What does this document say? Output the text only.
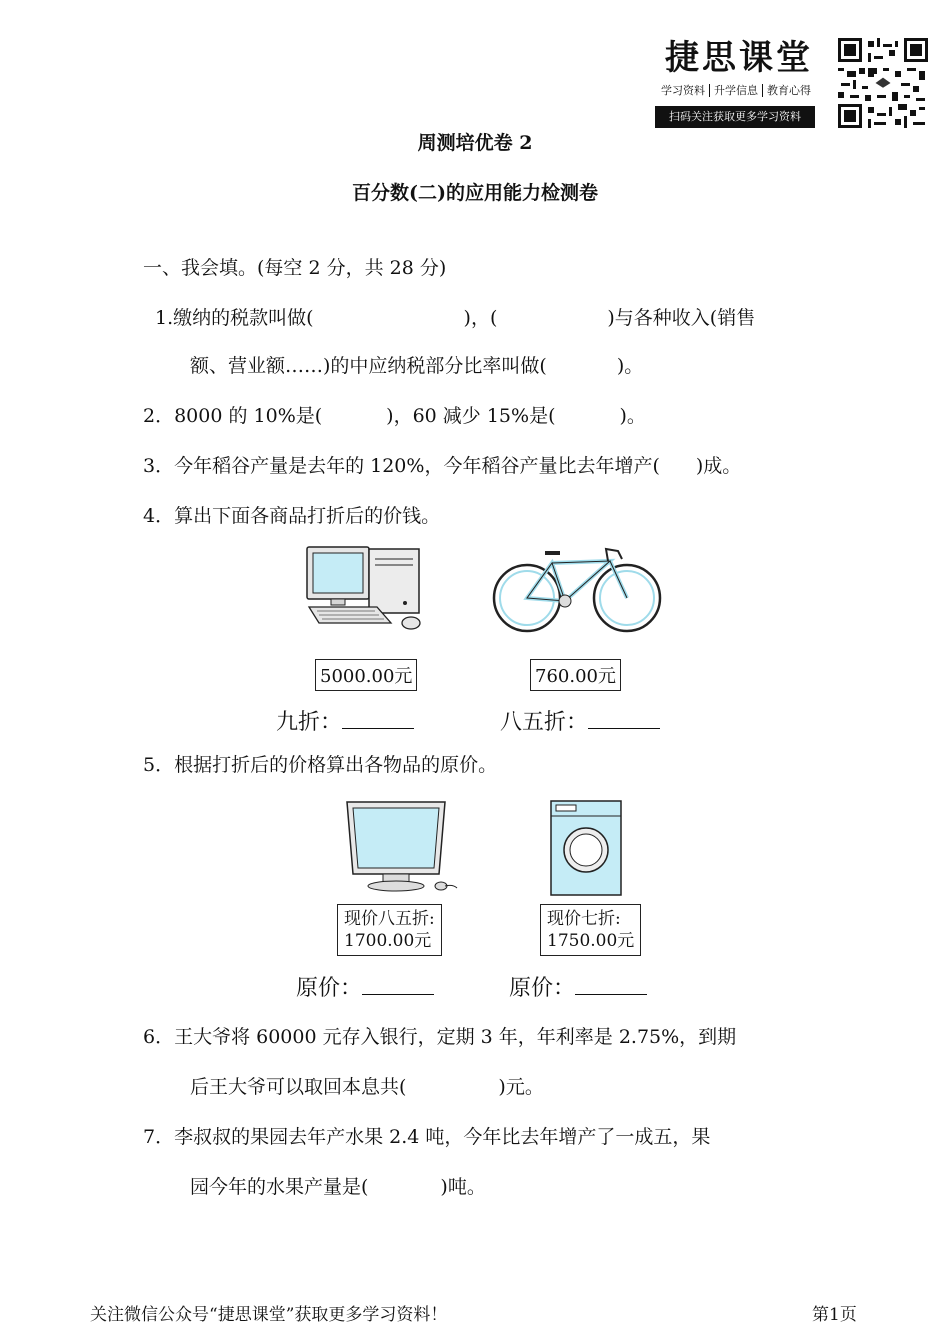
捷思课堂
学习资料 升学信息 教育心得
扫码关注获取更多学习资料
周测培优卷 2
百分数(二)的应用能力检测卷
一、我会填。(每空 2 分，共 28 分)
1.缴纳的税款叫做(	)，(	)与各种收入(销售
额、营业额……)的中应纳税部分比率叫做(	)。
2．8000 的 10%是(	)，60 减少 15%是(	)。
3．今年稻谷产量是去年的 120%，今年稻谷产量比去年增产( )成。
4．算出下面各商品打折后的价钱。
5000.00元	760.00元
九折：	八五折：
5．根据打折后的价格算出各物品的原价。
现价八五折:
1700.00元
现价七折:
1750.00元
原价：	原价：
6．王大爷将 60000 元存入银行，定期 3 年，年利率是 2.75%，到期
后王大爷可以取回本息共(	)元。
7．李叔叔的果园去年产水果 2.4 吨，今年比去年增产了一成五，果
园今年的水果产量是(	)吨。
关注微信公众号“捷思课堂”获取更多学习资料！	第1页
